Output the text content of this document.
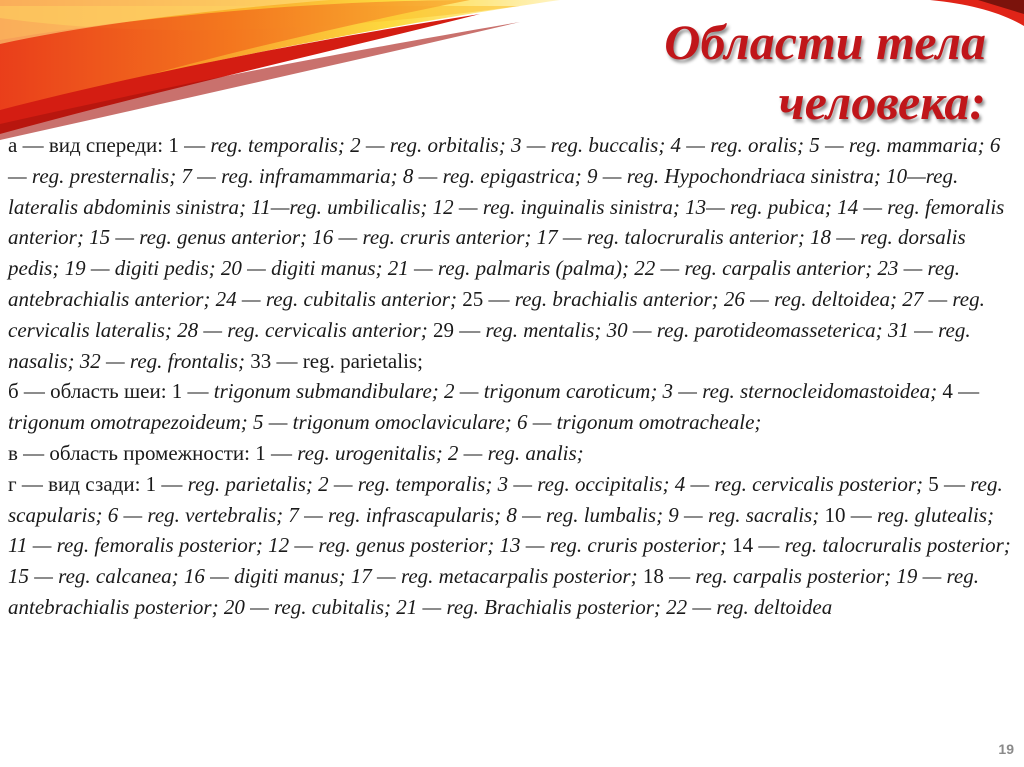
Области тела
человека:

а — вид спереди: 1 — reg. temporalis; 2 — reg. orbitalis; 3 — reg. buccalis; 4 — reg. oralis; 5 — reg. mammaria; 6 — reg. presternalis; 7 — reg. inframammaria; 8 — reg. epigastrica; 9 — reg. Hypochondriaca sinistra; 10—reg. lateralis abdominis sinistra; 11—reg. umbilicalis; 12 — reg. inguinalis sinistra; 13— reg. pubica; 14 — reg. femoralis anterior; 15 — reg. genus anterior; 16 — reg. cruris anterior; 17 — reg. talocruralis anterior; 18 — reg. dorsalis pedis; 19 — digiti pedis; 20 — digiti manus; 21 — reg. palmaris (palma); 22 — reg. carpalis anterior; 23 — reg. antebrachialis anterior; 24 — reg. cubitalis anterior; 25 — reg. brachialis anterior; 26 — reg. deltoidea; 27 — reg. cervicalis lateralis; 28 — reg. cervicalis anterior; 29 — reg. mentalis; 30 — reg. parotideomasseterica; 31 — reg. nasalis; 32 — reg. frontalis; 33 — reg. parietalis;

б — область шеи: 1 — trigonum submandibulare; 2 — trigonum caroticum; 3 — reg. sternocleidomastoidea; 4 — trigonum omotrapezoideum; 5 — trigonum omoclaviculare; 6 — trigonum omotracheale;

в — область промежности: 1 — reg. urogenitalis; 2 — reg. analis;

г — вид сзади: 1 — reg. parietalis; 2 — reg. temporalis; 3 — reg. occipitalis; 4 — reg. cervicalis posterior; 5 — reg. scapularis; 6 — reg. vertebralis; 7 — reg. infrascapularis; 8 — reg. lumbalis; 9 — reg. sacralis; 10 — reg. glutealis; 11 — reg. femoralis posterior; 12 — reg. genus posterior; 13 — reg. cruris posterior; 14 — reg. talocruralis posterior; 15 — reg. calcanea; 16 — digiti manus; 17 — reg. metacarpalis posterior; 18 — reg. carpalis posterior; 19 — reg. antebrachialis posterior; 20 — reg. cubitalis; 21 — reg. Brachialis posterior; 22 — reg. deltoidea

19
